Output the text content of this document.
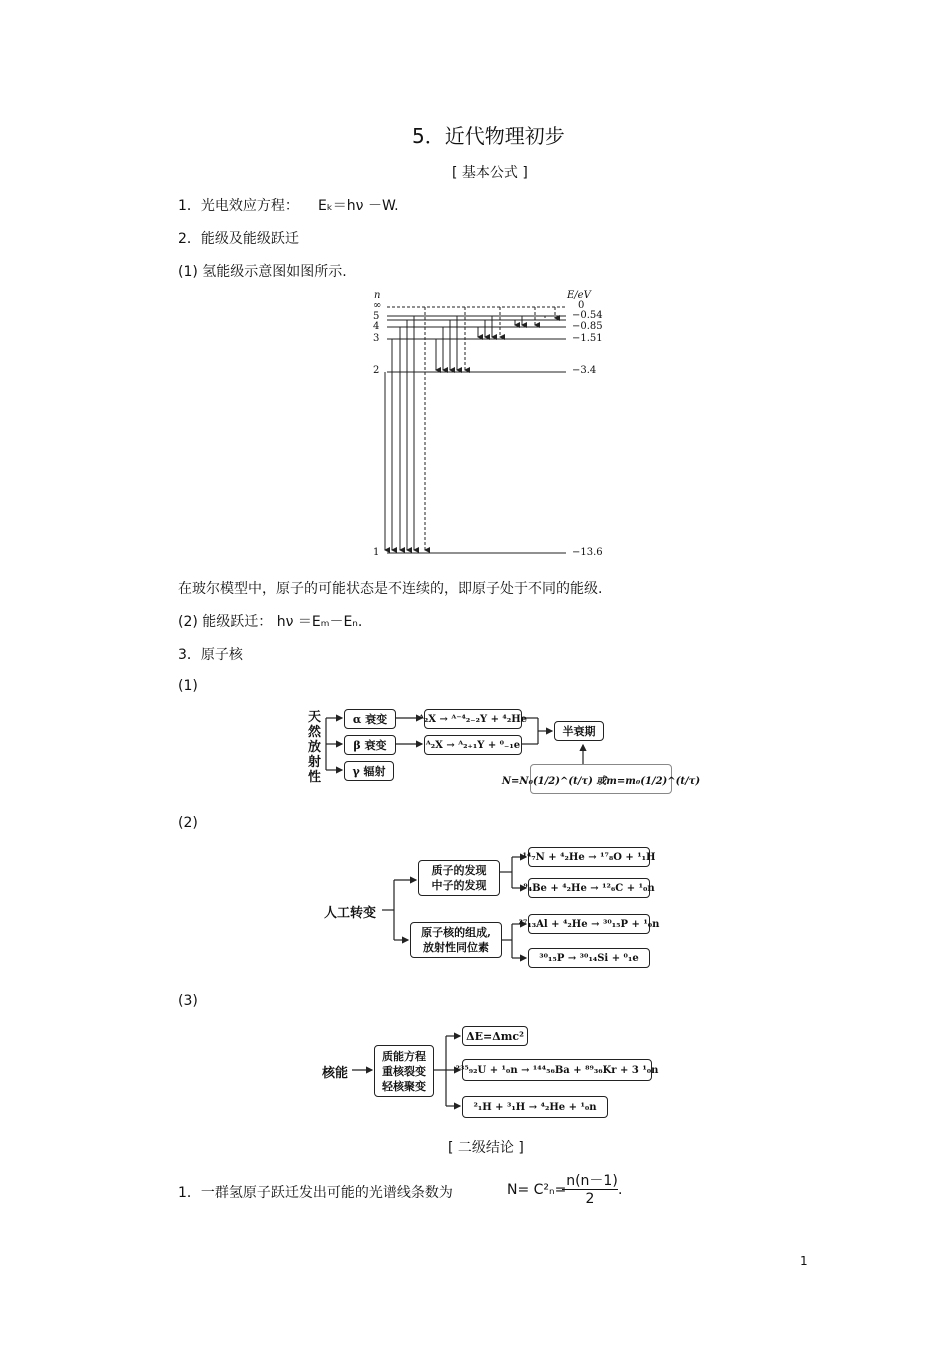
5．近代物理初步
[ 基本公式 ]
1．光电效应方程： Eₖ＝hν －W.
2．能级及能级跃迁
(1) 氢能级示意图如图所示.
n	E/eV
∞
5
4
3
2
1
0
−0.54
−0.85
−1.51
−3.4
−13.6
在玻尔模型中，原子的可能状态是不连续的，即原子处于不同的能级.
(2) 能级跃迁： hν ＝Eₘ－Eₙ.
3．原子核
(1)
天然放射性
α 衰变
β 衰变
γ 辐射
ᴬ₂X → ᴬ⁻⁴₂₋₂Y + ⁴₂He
ᴬ₂X → ᴬ₂₊₁Y + ⁰₋₁e
半衰期
N=N₀(1/2)^(t/τ) 或m=m₀(1/2)^(t/τ)
(2)
人工转变
质子的发现
中子的发现
原子核的组成,
放射性同位素
¹⁴₇N + ⁴₂He → ¹⁷₈O + ¹₁H
⁹₄Be + ⁴₂He → ¹²₆C + ¹₀n
²⁷₁₃Al + ⁴₂He → ³⁰₁₅P + ¹₀n
³⁰₁₅P → ³⁰₁₄Si + ⁰₁e
(3)
核能
质能方程
重核裂变
轻核聚变
ΔE=Δmc²
²³⁵₉₂U + ¹₀n → ¹⁴⁴₅₆Ba + ⁸⁹₃₆Kr + 3 ¹₀n
²₁H + ³₁H → ⁴₂He + ¹₀n
[ 二级结论 ]
1．一群氢原子跃迁发出可能的光谱线条数为	N= C²ₙ=
n(n－1)
2
.
1
